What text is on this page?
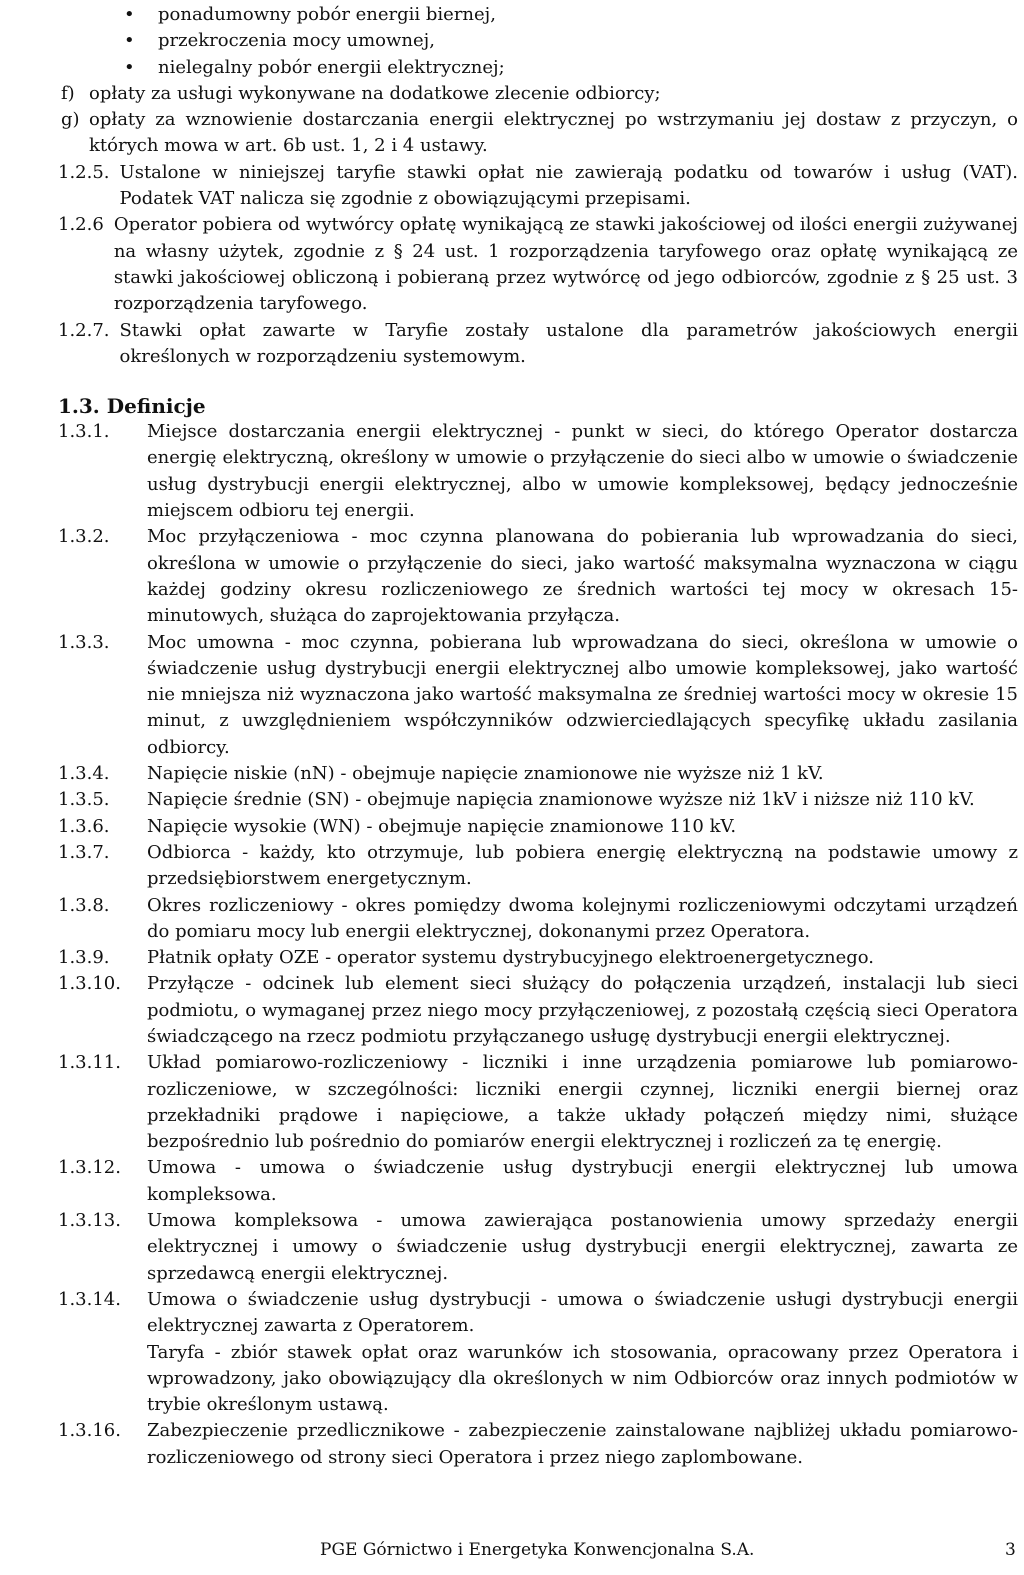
•	ponadumowny pobór energii biernej,
•	przekroczenia mocy umownej,
•	nielegalny pobór energii elektrycznej;
f) opłaty za usługi wykonywane na dodatkowe zlecenie odbiorcy;
g) opłaty za wznowienie dostarczania energii elektrycznej po wstrzymaniu jej dostaw z przyczyn, o których mowa w art. 6b ust. 1, 2 i 4 ustawy.
1.2.5. Ustalone w niniejszej taryfie stawki opłat nie zawierają podatku od towarów i usług (VAT). Podatek VAT nalicza się zgodnie z obowiązującymi przepisami.
1.2.6 Operator pobiera od wytwórcy opłatę wynikającą ze stawki jakościowej od ilości energii zużywanej na własny użytek, zgodnie z § 24 ust. 1 rozporządzenia taryfowego oraz opłatę wynikającą ze stawki jakościowej obliczoną i pobieraną przez wytwórcę od jego odbiorców, zgodnie z § 25 ust. 3 rozporządzenia taryfowego.
1.2.7. Stawki opłat zawarte w Taryfie zostały ustalone dla parametrów jakościowych energii określonych w rozporządzeniu systemowym.
1.3. Definicje
1.3.1.	Miejsce dostarczania energii elektrycznej - punkt w sieci, do którego Operator dostarcza energię elektryczną, określony w umowie o przyłączenie do sieci albo w umowie o świadczenie usług dystrybucji energii elektrycznej, albo w umowie kompleksowej, będący jednocześnie miejscem odbioru tej energii.
1.3.2.	Moc przyłączeniowa - moc czynna planowana do pobierania lub wprowadzania do sieci, określona w umowie o przyłączenie do sieci, jako wartość maksymalna wyznaczona w ciągu każdej godziny okresu rozliczeniowego ze średnich wartości tej mocy w okresach 15-minutowych, służąca do zaprojektowania przyłącza.
1.3.3.	Moc umowna - moc czynna, pobierana lub wprowadzana do sieci, określona w umowie o świadczenie usług dystrybucji energii elektrycznej albo umowie kompleksowej, jako wartość nie mniejsza niż wyznaczona jako wartość maksymalna ze średniej wartości mocy w okresie 15 minut, z uwzględnieniem współczynników odzwierciedlających specyfikę układu zasilania odbiorcy.
1.3.4.	Napięcie niskie (nN) - obejmuje napięcie znamionowe nie wyższe niż 1 kV.
1.3.5.	Napięcie średnie (SN) - obejmuje napięcia znamionowe wyższe niż 1kV i niższe niż 110 kV.
1.3.6.	Napięcie wysokie (WN) - obejmuje napięcie znamionowe 110 kV.
1.3.7.	Odbiorca - każdy, kto otrzymuje, lub pobiera energię elektryczną na podstawie umowy z przedsiębiorstwem energetycznym.
1.3.8.	Okres rozliczeniowy - okres pomiędzy dwoma kolejnymi rozliczeniowymi odczytami urządzeń do pomiaru mocy lub energii elektrycznej, dokonanymi przez Operatora.
1.3.9.	Płatnik opłaty OZE - operator systemu dystrybucyjnego elektroenergetycznego.
1.3.10.	Przyłącze - odcinek lub element sieci służący do połączenia urządzeń, instalacji lub sieci podmiotu, o wymaganej przez niego mocy przyłączeniowej, z pozostałą częścią sieci Operatora świadczącego na rzecz podmiotu przyłączanego usługę dystrybucji energii elektrycznej.
1.3.11.	Układ pomiarowo-rozliczeniowy - liczniki i inne urządzenia pomiarowe lub pomiarowo-rozliczeniowe, w szczególności: liczniki energii czynnej, liczniki energii biernej oraz przekładniki prądowe i napięciowe, a także układy połączeń między nimi, służące bezpośrednio lub pośrednio do pomiarów energii elektrycznej i rozliczeń za tę energię.
1.3.12.	Umowa - umowa o świadczenie usług dystrybucji energii elektrycznej lub umowa kompleksowa.
1.3.13.	Umowa kompleksowa - umowa zawierająca postanowienia umowy sprzedaży energii elektrycznej i umowy o świadczenie usług dystrybucji energii elektrycznej, zawarta ze sprzedawcą energii elektrycznej.
1.3.14.	Umowa o świadczenie usług dystrybucji - umowa o świadczenie usługi dystrybucji energii elektrycznej zawarta z Operatorem.
Taryfa - zbiór stawek opłat oraz warunków ich stosowania, opracowany przez Operatora i wprowadzony, jako obowiązujący dla określonych w nim Odbiorców oraz innych podmiotów w trybie określonym ustawą.
1.3.16.	Zabezpieczenie przedlicznikowe - zabezpieczenie zainstalowane najbliżej układu pomiarowo-rozliczeniowego od strony sieci Operatora i przez niego zaplombowane.
PGE Górnictwo i Energetyka Konwencjonalna S.A.	3
